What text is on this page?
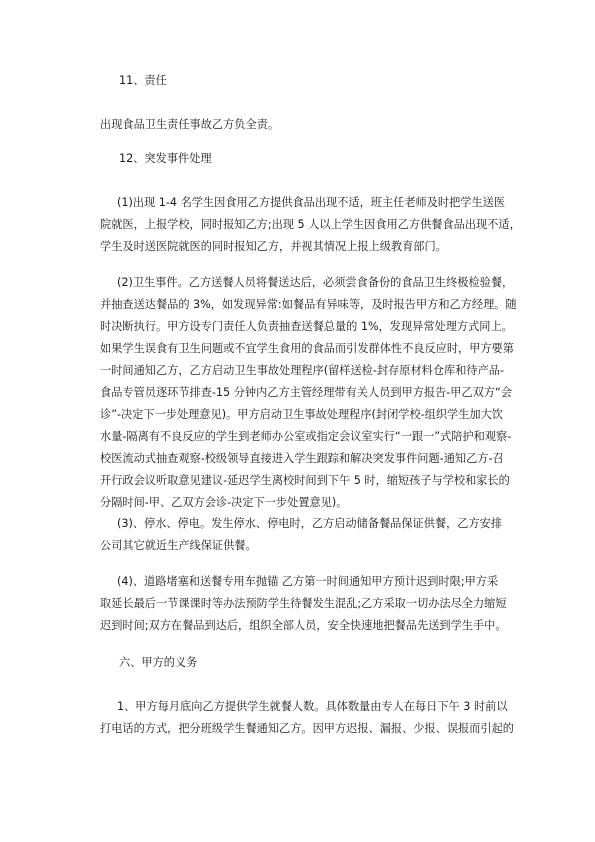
11、责任

出现食品卫生责任事故乙方负全责。

12、突发事件处理

(1)出现 1-4 名学生因食用乙方提供食品出现不适，班主任老师及时把学生送医
院就医，上报学校，同时报知乙方;出现 5 人以上学生因食用乙方供餐食品出现不适，
学生及时送医院就医的同时报知乙方，并视其情况上报上级教育部门。
(2)卫生事件。乙方送餐人员将餐送达后，必须尝食备份的食品卫生终极检验餐，
并抽查送达餐品的 3%，如发现异常:如餐品有异味等，及时报告甲方和乙方经理。随
时决断执行。甲方设专门责任人负责抽查送餐总量的 1%，发现异常处理方式同上。
如果学生误食有卫生问题或不宜学生食用的食品而引发群体性不良反应时，甲方要第
一时间通知乙方，乙方启动卫生事故处理程序(留样送检-封存原材料仓库和待产品-
食品专管员逐环节排查-15 分钟内乙方主管经理带有关人员到甲方报告-甲乙双方“会
诊”-决定下一步处理意见)。甲方启动卫生事故处理程序(封闭学校-组织学生加大饮
水量-隔离有不良反应的学生到老师办公室或指定会议室实行“一跟一”式陪护和观察-
校医流动式抽查观察-校级领导直接进入学生跟踪和解决突发事件问题-通知乙方-召
开行政会议听取意见建议-延迟学生离校时间到下午 5 时，缩短孩子与学校和家长的
分隔时间-甲、乙双方会诊-决定下一步处置意见)。
(3)、停水、停电。发生停水、停电时，乙方启动储备餐品保证供餐，乙方安排
公司其它就近生产线保证供餐。
(4)、道路堵塞和送餐专用车抛锚 乙方第一时间通知甲方预计迟到时限;甲方采
取延长最后一节课课时等办法预防学生待餐发生混乱;乙方采取一切办法尽全力缩短
迟到时间;双方在餐品到达后，组织全部人员，安全快速地把餐品先送到学生手中。

六、甲方的义务

1、甲方每月底向乙方提供学生就餐人数。具体数量由专人在每日下午 3 时前以
打电话的方式，把分班级学生餐通知乙方。因甲方迟报、漏报、少报、误报而引起的
